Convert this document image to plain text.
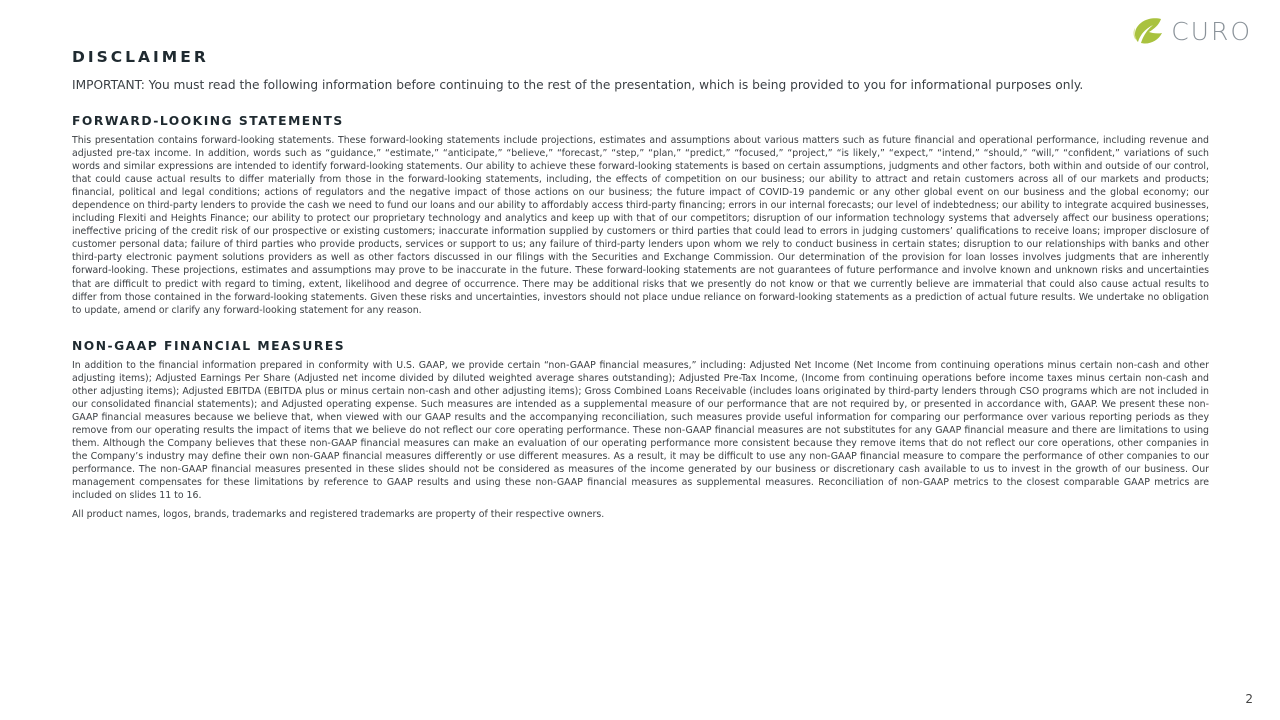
CURO
DISCLAIMER

IMPORTANT: You must read the following information before continuing to the rest of the presentation, which is being provided to you for informational purposes only.

FORWARD-LOOKING STATEMENTS

This presentation contains forward-looking statements. These forward-looking statements include projections, estimates and assumptions about various matters such as future financial and operational performance, including revenue and adjusted pre-tax income. In addition, words such as “guidance,” “estimate,” “anticipate,” “believe,” “forecast,” “step,” “plan,” “predict,” “focused,” “project,” “is likely,” “expect,” “intend,” “should,” “will,” “confident,” variations of such words and similar expressions are intended to identify forward-looking statements. Our ability to achieve these forward-looking statements is based on certain assumptions, judgments and other factors, both within and outside of our control, that could cause actual results to differ materially from those in the forward-looking statements, including, the effects of competition on our business; our ability to attract and retain customers across all of our markets and products; financial, political and legal conditions; actions of regulators and the negative impact of those actions on our business; the future impact of COVID-19 pandemic or any other global event on our business and the global economy; our dependence on third-party lenders to provide the cash we need to fund our loans and our ability to affordably access third-party financing; errors in our internal forecasts; our level of indebtedness; our ability to integrate acquired businesses, including Flexiti and Heights Finance; our ability to protect our proprietary technology and analytics and keep up with that of our competitors; disruption of our information technology systems that adversely affect our business operations; ineffective pricing of the credit risk of our prospective or existing customers; inaccurate information supplied by customers or third parties that could lead to errors in judging customers’ qualifications to receive loans; improper disclosure of customer personal data; failure of third parties who provide products, services or support to us; any failure of third-party lenders upon whom we rely to conduct business in certain states; disruption to our relationships with banks and other third-party electronic payment solutions providers as well as other factors discussed in our filings with the Securities and Exchange Commission. Our determination of the provision for loan losses involves judgments that are inherently forward-looking. These projections, estimates and assumptions may prove to be inaccurate in the future. These forward-looking statements are not guarantees of future performance and involve known and unknown risks and uncertainties that are difficult to predict with regard to timing, extent, likelihood and degree of occurrence. There may be additional risks that we presently do not know or that we currently believe are immaterial that could also cause actual results to differ from those contained in the forward-looking statements. Given these risks and uncertainties, investors should not place undue reliance on forward-looking statements as a prediction of actual future results. We undertake no obligation to update, amend or clarify any forward-looking statement for any reason.

NON-GAAP FINANCIAL MEASURES

In addition to the financial information prepared in conformity with U.S. GAAP, we provide certain “non-GAAP financial measures,” including: Adjusted Net Income (Net Income from continuing operations minus certain non-cash and other adjusting items); Adjusted Earnings Per Share (Adjusted net income divided by diluted weighted average shares outstanding); Adjusted Pre-Tax Income, (Income from continuing operations before income taxes minus certain non-cash and other adjusting items); Adjusted EBITDA (EBITDA plus or minus certain non-cash and other adjusting items); Gross Combined Loans Receivable (includes loans originated by third-party lenders through CSO programs which are not included in our consolidated financial statements); and Adjusted operating expense. Such measures are intended as a supplemental measure of our performance that are not required by, or presented in accordance with, GAAP. We present these non-GAAP financial measures because we believe that, when viewed with our GAAP results and the accompanying reconciliation, such measures provide useful information for comparing our performance over various reporting periods as they remove from our operating results the impact of items that we believe do not reflect our core operating performance. These non-GAAP financial measures are not substitutes for any GAAP financial measure and there are limitations to using them. Although the Company believes that these non-GAAP financial measures can make an evaluation of our operating performance more consistent because they remove items that do not reflect our core operations, other companies in the Company’s industry may define their own non-GAAP financial measures differently or use different measures. As a result, it may be difficult to use any non-GAAP financial measure to compare the performance of other companies to our performance. The non-GAAP financial measures presented in these slides should not be considered as measures of the income generated by our business or discretionary cash available to us to invest in the growth of our business. Our management compensates for these limitations by reference to GAAP results and using these non-GAAP financial measures as supplemental measures. Reconciliation of non-GAAP metrics to the closest comparable GAAP metrics are included on slides 11 to 16.

All product names, logos, brands, trademarks and registered trademarks are property of their respective owners.

2
